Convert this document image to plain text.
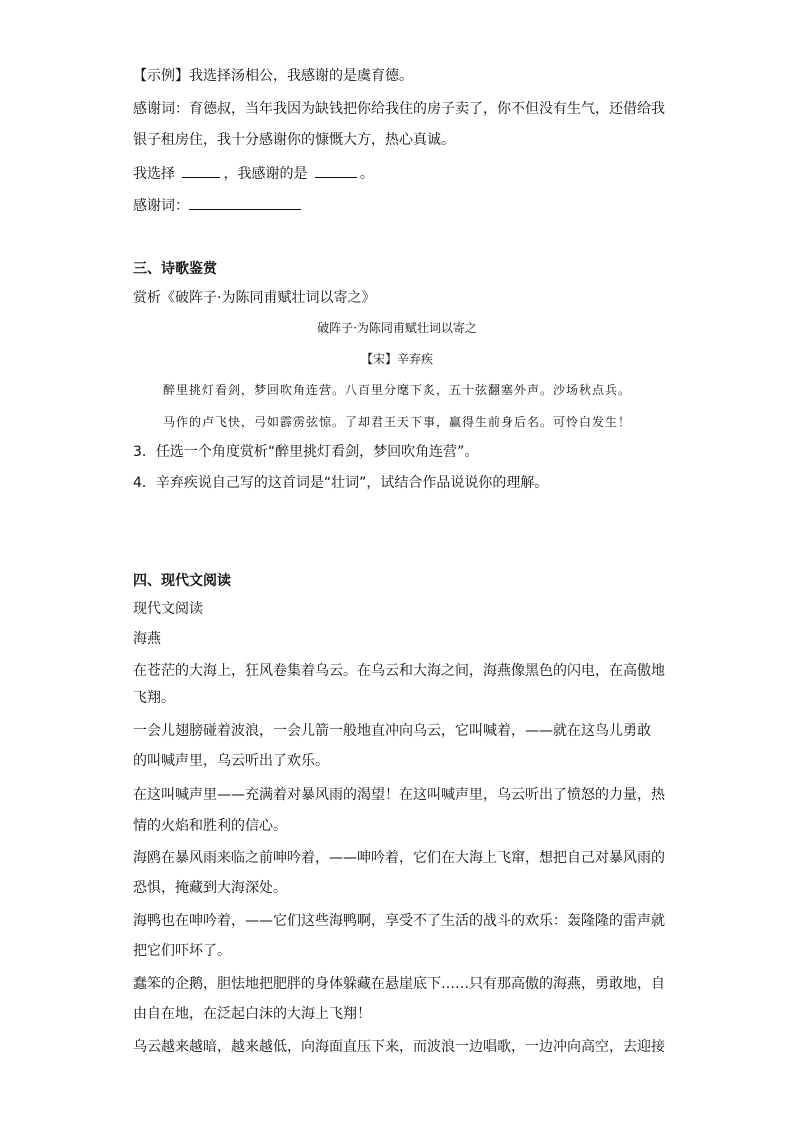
【示例】我选择汤相公，我感谢的是虞育德。
感谢词：育德叔，当年我因为缺钱把你给我住的房子卖了，你不但没有生气，还借给我
银子租房住，我十分感谢你的慷慨大方，热心真诚。
我选择	，我感谢的是	。
感谢词：
三、诗歌鉴赏
赏析《破阵子·为陈同甫赋壮词以寄之》
破阵子·为陈同甫赋壮词以寄之
【宋】辛弃疾
醉里挑灯看剑，梦回吹角连营。八百里分麾下炙，五十弦翻塞外声。沙场秋点兵。
马作的卢飞快，弓如霹雳弦惊。了却君王天下事，赢得生前身后名。可怜白发生！
3．任选一个角度赏析“醉里挑灯看剑，梦回吹角连营”。
4．辛弃疾说自己写的这首词是“壮词”，试结合作品说说你的理解。
四、现代文阅读
现代文阅读
海燕
在苍茫的大海上，狂风卷集着乌云。在乌云和大海之间，海燕像黑色的闪电，在高傲地
飞翔。
一会儿翅膀碰着波浪，一会儿箭一般地直冲向乌云，它叫喊着，——就在这鸟儿勇敢
的叫喊声里，乌云听出了欢乐。
在这叫喊声里——充满着对暴风雨的渴望！在这叫喊声里，乌云听出了愤怒的力量，热
情的火焰和胜利的信心。
海鸥在暴风雨来临之前呻吟着，——呻吟着，它们在大海上飞窜，想把自己对暴风雨的
恐惧，掩藏到大海深处。
海鸭也在呻吟着，——它们这些海鸭啊，享受不了生活的战斗的欢乐：轰隆隆的雷声就
把它们吓坏了。
蠢笨的企鹅，胆怯地把肥胖的身体躲藏在悬崖底下……只有那高傲的海燕，勇敢地，自
由自在地，在泛起白沫的大海上飞翔！
乌云越来越暗，越来越低，向海面直压下来，而波浪一边唱歌，一边冲向高空，去迎接
